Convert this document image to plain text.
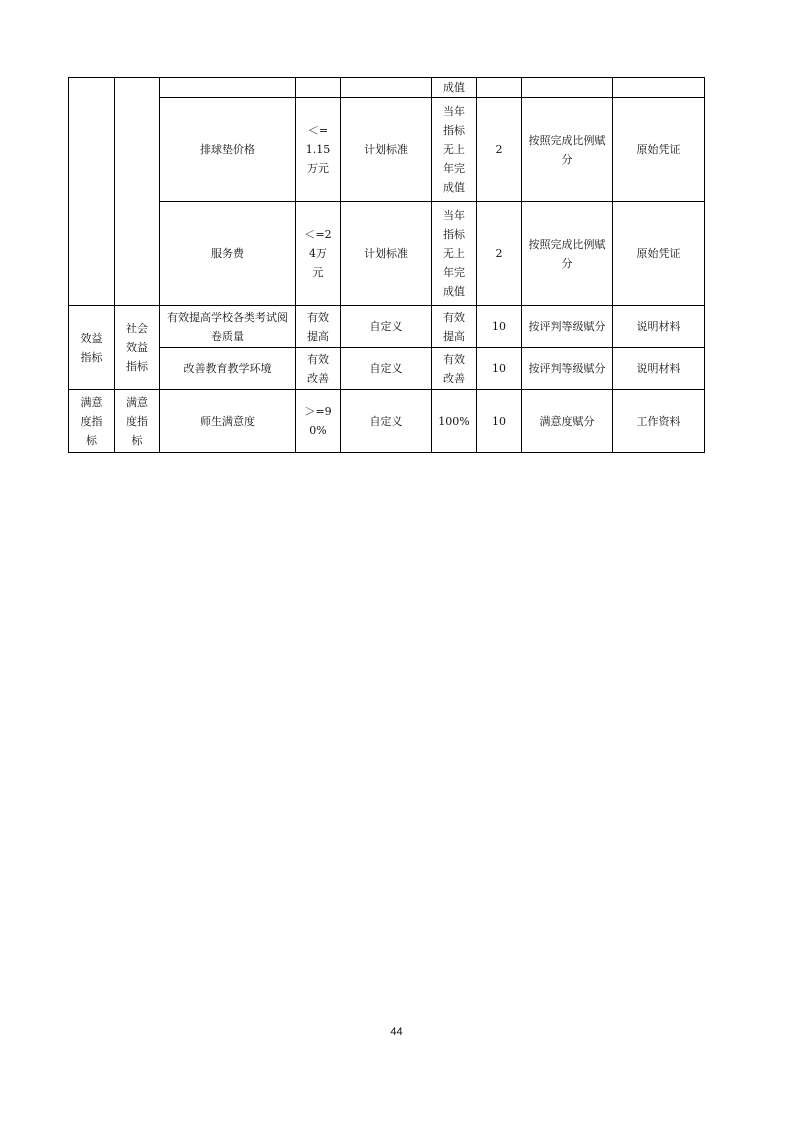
					成值			
		排球垫价格	＜=1.15万元	计划标准	当年指标无上年完成值	2	按照完成比例赋分	原始凭证
		服务费	＜=24万元	计划标准	当年指标无上年完成值	2	按照完成比例赋分	原始凭证
效益指标	社会效益指标	有效提高学校各类考试阅卷质量	有效提高	自定义	有效提高	10	按评判等级赋分	说明材料
		改善教育教学环境	有效改善	自定义	有效改善	10	按评判等级赋分	说明材料
满意度指标	满意度指标	师生满意度	＞=90%	自定义	100%	10	满意度赋分	工作资料
44
